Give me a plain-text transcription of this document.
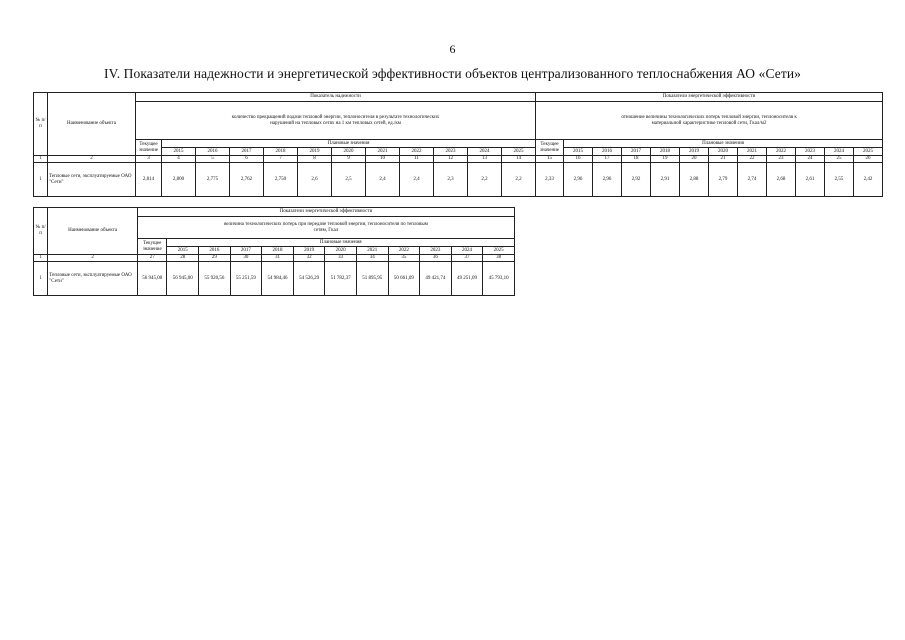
6
IV. Показатели надежности и энергетической эффективности объектов централизованного теплоснабжения АО «Сети»
№ п/п	Наименование объекта	Показатель надежности												Показатели энергетической эффективности											
		количество прекращений подачи тепловой энергии, теплоносителя в результате технологических нарушений на тепловых сетях на 1 км тепловых сетей, ед./км												отношение величины технологических потерь тепловой энергии, теплоносителя к материальной характеристике тепловой сети, Гкал/м2											
		Текущее значение	Плановые значения											Текущее значение	Плановые значения										
			2015	2016	2017	2018	2019	2020	2021	2022	2023	2024	2025		2015	2016	2017	2018	2019	2020	2021	2022	2023	2024	2025
1	2	3	4	5	6	7	8	9	10	11	12	13	14	15	16	17	18	19	20	21	22	23	24	25	26
1	Тепловые сети, эксплуатируемые ОАО "Сети"	2,814	2,800	2,775	2,762	2,750	2,6	2,5	2,4	2,4	2,3	2,2	2,2	2,33	2,96	2,96	2,92	2,91	2,88	2,79	2,74	2,68	2,61	2,55	2,42
№ п/п	Наименование объекта	Показатели энергетической эффективности											
		величина технологических потерь при передаче тепловой энергии, теплоносителя по тепловым сетям, Гкал											
		Текущее значение	Плановые значения										
			2015	2016	2017	2018	2019	2020	2021	2022	2023	2024	2025
1	2	27	28	29	30	31	32	33	34	35	36	37	38
1	Тепловые сети, эксплуатируемые ОАО "Сети"	56 945,00	56 945,00	55 920,56	55 251,59	54 984,46	54 526,29	51 782,37	51 895,95	50 661,09	49 421,74	49 251,09	45 793,10
